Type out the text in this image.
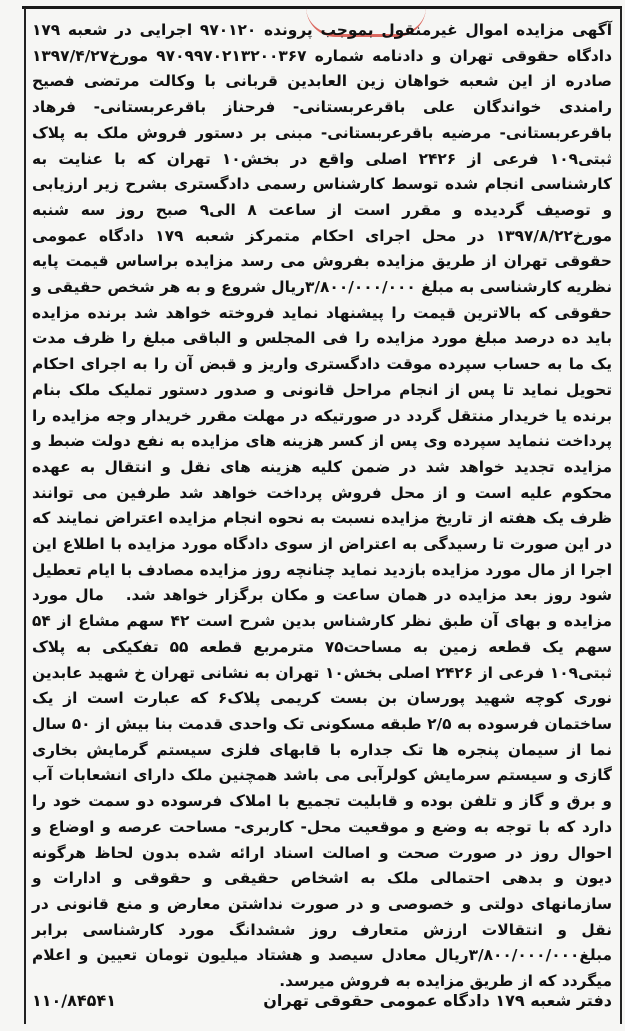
آگهی مزایده اموال غیرمنقول بموجب پرونده ۹۷۰۱۲۰ اجرایی در شعبه ۱۷۹ دادگاه حقوقی تهران و دادنامه شماره ۹۷۰۹۹۷۰۲۱۳۲۰۰۳۶۷ مورخ۱۳۹۷/۴/۲۷ صادره از این شعبه خواهان زین العابدین قربانی با وکالت مرتضی فصیح رامندی خواندگان علی باقرعربستانی- فرحناز باقرعربستانی- فرهاد باقرعربستانی- مرضیه باقرعربستانی- مبنی بر دستور فروش ملک به پلاک ثبتی۱۰۹ فرعی از ۲۴۲۶ اصلی واقع در بخش۱۰ تهران که با عنایت به کارشناسی انجام شده توسط کارشناس رسمی دادگستری بشرح زیر ارزیابی و توصیف گردیده و مقرر است از ساعت ۸ الی۹ صبح روز سه شنبه مورخ۱۳۹۷/۸/۲۲ در محل اجرای احکام متمرکز شعبه ۱۷۹ دادگاه عمومی حقوقی تهران از طریق مزایده بفروش می رسد مزایده براساس قیمت پایه نظریه کارشناسی به مبلغ ۳/۸۰۰/۰۰۰/۰۰۰ریال شروع و به هر شخص حقیقی و حقوقی که بالاترین قیمت را پیشنهاد نماید فروخته خواهد شد برنده مزایده باید ده درصد مبلغ مورد مزایده را فی المجلس و الباقی مبلغ را ظرف مدت یک ما به حساب سپرده موقت دادگستری واریز و قبض آن را به اجرای احکام تحویل نماید تا پس از انجام مراحل قانونی و صدور دستور تملیک ملک بنام برنده یا خریدار منتقل گردد در صورتیکه در مهلت مقرر خریدار وجه مزایده را پرداخت ننماید سپرده وی پس از کسر هزینه های مزایده به نفع دولت ضبط و مزایده تجدید خواهد شد در ضمن کلیه هزینه های نقل و انتقال به عهده محکوم علیه است و از محل فروش پرداخت خواهد شد طرفین می توانند ظرف یک هفته از تاریخ مزایده نسبت به نحوه انجام مزایده اعتراض نمایند که در این صورت تا رسیدگی به اعتراض از سوی دادگاه مورد مزایده با اطلاع این اجرا از مال مورد مزایده بازدید نماید چنانچه روز مزایده مصادف با ایام تعطیل شود روز بعد مزایده در همان ساعت و مکان برگزار خواهد شد.   مال مورد مزایده و بهای آن طبق نظر کارشناس بدین شرح است ۴۲ سهم مشاع از ۵۴ سهم یک قطعه زمین به مساحت۷۵ مترمربع قطعه ۵۵ تفکیکی به پلاک ثبتی۱۰۹ فرعی از ۲۴۲۶ اصلی بخش۱۰ تهران به نشانی تهران خ شهید عابدین نوری کوچه شهید پورسان بن بست کریمی پلاک۶ که عبارت است از یک ساختمان فرسوده به ۲/۵ طبقه مسکونی تک واحدی قدمت بنا بیش از ۵۰ سال نما از سیمان پنجره ها تک جداره با قابهای فلزی سیستم گرمایش بخاری گازی و سیستم سرمایش کولرآبی می باشد همچنین ملک دارای انشعابات آب و برق و گاز و تلفن بوده و قابلیت تجمیع با املاک فرسوده دو سمت خود را دارد که با توجه به وضع و موقعیت محل- کاربری- مساحت عرصه و اوضاع و احوال روز در صورت صحت و اصالت اسناد ارائه شده بدون لحاظ هرگونه دیون و بدهی احتمالی ملک به اشخاص حقیقی و حقوقی و ادارات و سازمانهای دولتی و خصوصی و در صورت نداشتن معارض و منع قانونی در نقل و انتقالات ارزش متعارف روز ششدانگ مورد کارشناسی برابر مبلغ۳/۸۰۰/۰۰۰/۰۰۰ریال معادل سیصد و هشتاد میلیون تومان تعیین و اعلام میگردد که از طریق مزایده به فروش میرسد.
دفتر شعبه ۱۷۹ دادگاه عمومی حقوقی تهران
۱۱۰/۸۴۵۴۱
